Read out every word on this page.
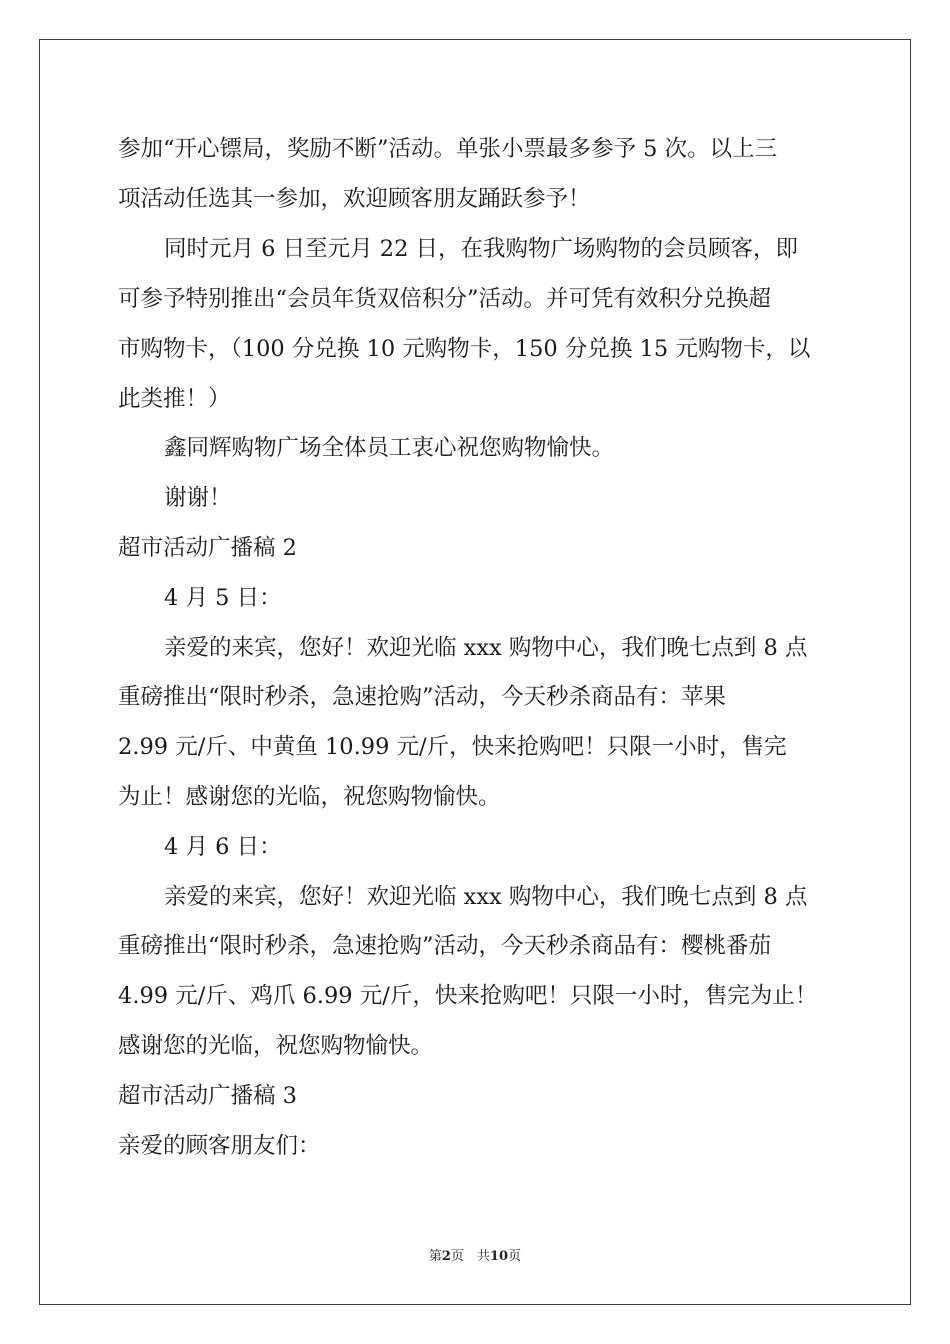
参加“开心镖局，奖励不断”活动。单张小票最多参予 5 次。以上三
项活动任选其一参加，欢迎顾客朋友踊跃参予！
同时元月 6 日至元月 22 日，在我购物广场购物的会员顾客，即
可参予特别推出“会员年货双倍积分”活动。并可凭有效积分兑换超
市购物卡，（100 分兑换 10 元购物卡，150 分兑换 15 元购物卡，以
此类推！）
鑫同辉购物广场全体员工衷心祝您购物愉快。
谢谢！
超市活动广播稿 2
4 月 5 日：
亲爱的来宾，您好！欢迎光临 xxx 购物中心，我们晚七点到 8 点
重磅推出“限时秒杀，急速抢购”活动，今天秒杀商品有：苹果
2.99 元/斤、中黄鱼 10.99 元/斤，快来抢购吧！只限一小时，售完
为止！感谢您的光临，祝您购物愉快。
4 月 6 日：
亲爱的来宾，您好！欢迎光临 xxx 购物中心，我们晚七点到 8 点
重磅推出“限时秒杀，急速抢购”活动，今天秒杀商品有：樱桃番茄
4.99 元/斤、鸡爪 6.99 元/斤，快来抢购吧！只限一小时，售完为止！
感谢您的光临，祝您购物愉快。
超市活动广播稿 3
亲爱的顾客朋友们：
第2页　共10页
